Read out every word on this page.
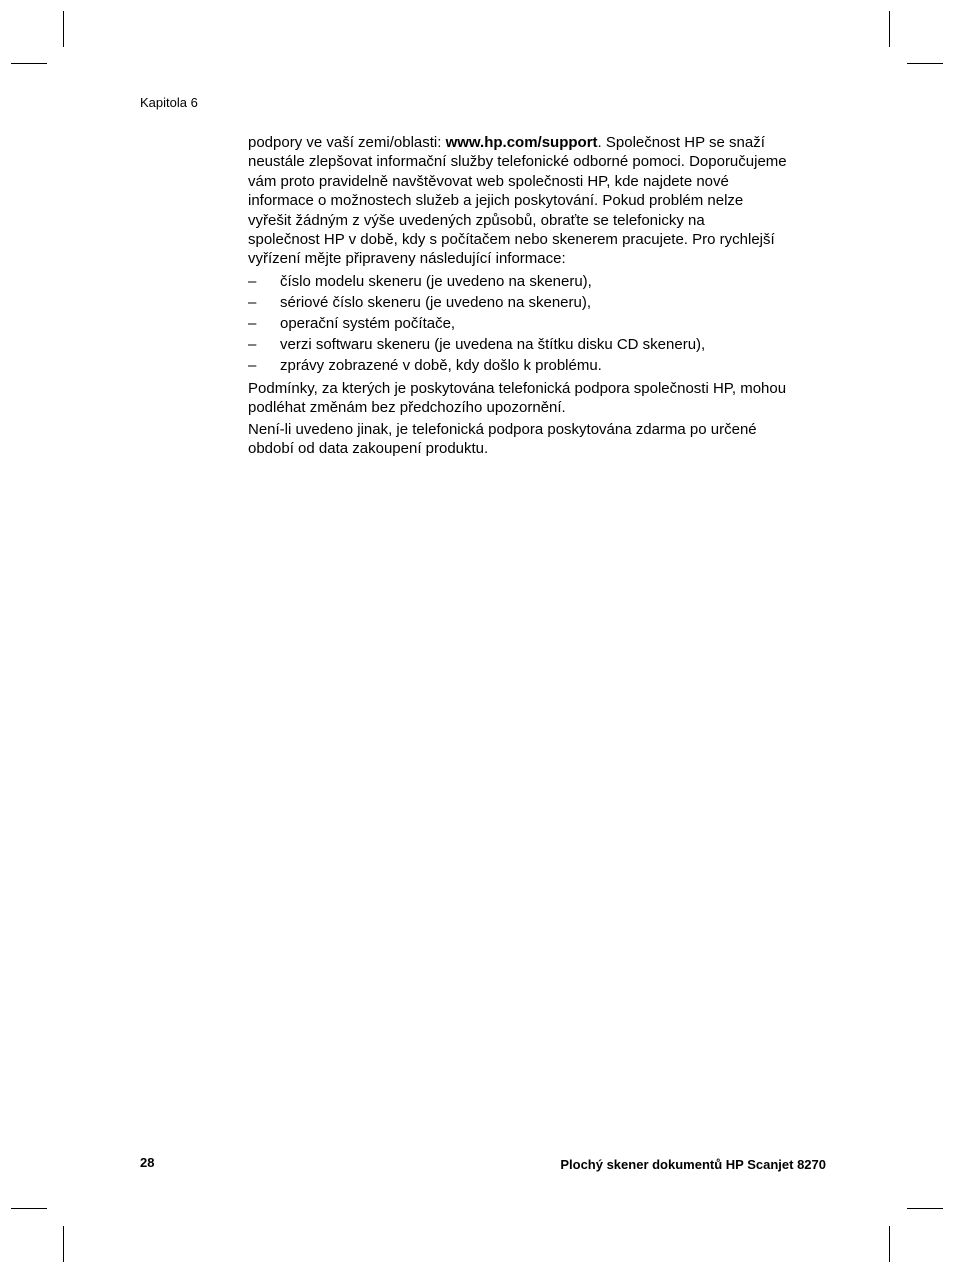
Kapitola 6

podpory ve vaší zemi/oblasti: www.hp.com/support. Společnost HP se snaží
neustále zlepšovat informační služby telefonické odborné pomoci. Doporučujeme
vám proto pravidelně navštěvovat web společnosti HP, kde najdete nové
informace o možnostech služeb a jejich poskytování. Pokud problém nelze
vyřešit žádným z výše uvedených způsobů, obraťte se telefonicky na
společnost HP v době, kdy s počítačem nebo skenerem pracujete. Pro rychlejší
vyřízení mějte připraveny následující informace:

– číslo modelu skeneru (je uvedeno na skeneru),
– sériové číslo skeneru (je uvedeno na skeneru),
– operační systém počítače,
– verzi softwaru skeneru (je uvedena na štítku disku CD skeneru),
– zprávy zobrazené v době, kdy došlo k problému.

Podmínky, za kterých je poskytována telefonická podpora společnosti HP, mohou
podléhat změnám bez předchozího upozornění.

Není-li uvedeno jinak, je telefonická podpora poskytována zdarma po určené
období od data zakoupení produktu.

28	Plochý skener dokumentů HP Scanjet 8270
